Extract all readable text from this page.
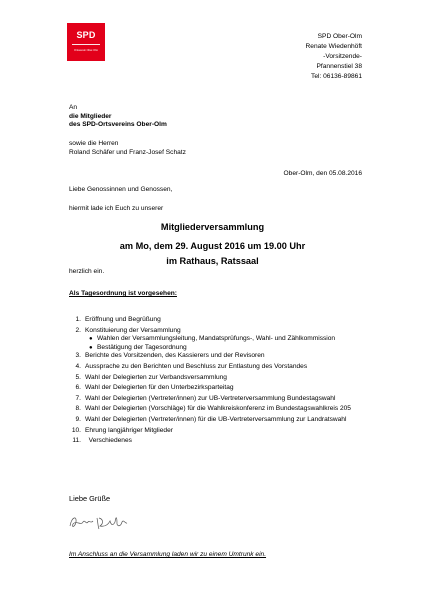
SPD
Ortsverein Ober-Olm
SPD Ober-Olm
Renate Wiedenhöft
-Vorsitzende-
Pfannenstiel 38
Tel: 06136-89861
An
die Mitglieder
des SPD-Ortsvereins Ober-Olm
sowie die Herren
Roland Schäfer und Franz-Josef Schatz
Ober-Olm, den 05.08.2016
Liebe Genossinnen und Genossen,
hiermit lade ich Euch zu unserer
Mitgliederversammlung
am Mo, dem 29. August 2016 um 19.00 Uhr
im Rathaus, Ratssaal
herzlich ein.
Als Tagesordnung ist vorgesehen:
1. Eröffnung und Begrüßung
2. Konstituierung der Versammlung
● Wahlen der Versammlungsleitung, Mandatsprüfungs-, Wahl- und Zählkommission
● Bestätigung der Tagesordnung
3. Berichte des Vorsitzenden, des Kassierers und der Revisoren
4. Aussprache zu den Berichten und Beschluss zur Entlastung des Vorstandes
5. Wahl der Delegierten zur Verbandsversammlung
6. Wahl der Delegierten für den Unterbezirksparteitag
7. Wahl der Delegierten (Vertreter/innen) zur UB-Vertreterversammlung Bundestagswahl
8. Wahl der Delegierten (Vorschläge) für die Wahlkreiskonferenz im Bundestagswahlkreis 205
9. Wahl der Delegierten (Vertreter/innen) für die UB-Vertreterversammlung zur Landratswahl
10. Ehrung langjähriger Mitglieder
11. Verschiedenes
Liebe Grüße
Im Anschluss an die Versammlung laden wir zu einem Umtrunk ein.
